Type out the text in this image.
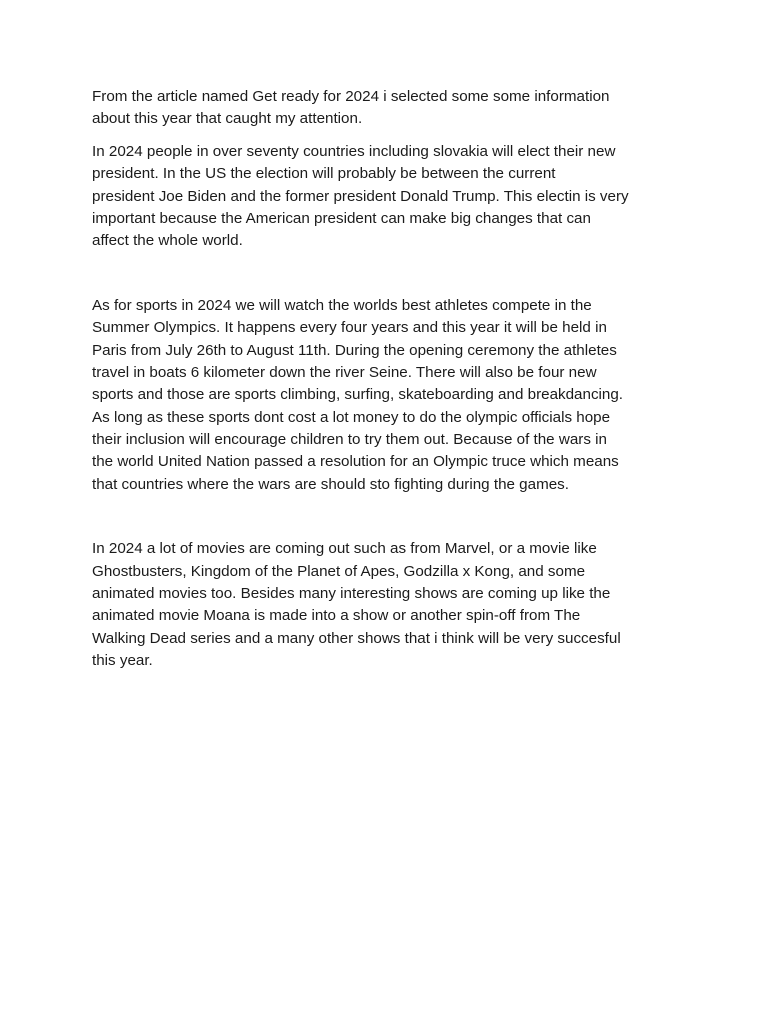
From the article named Get ready for 2024 i selected some some information
about this year that caught my attention.

In 2024 people in over seventy countries including slovakia will elect their new
president. In the US the election will probably be between the current
president Joe Biden and the former president Donald Trump. This electin is very
important because the American president can make big changes that can
affect the whole world.

As for sports in 2024 we will watch the worlds best athletes compete in the
Summer Olympics. It happens every four years and this year it will be held in
Paris from July 26th to August 11th. During the opening ceremony the athletes
travel in boats 6 kilometer down the river Seine. There will also be four new
sports and those are sports climbing, surfing, skateboarding and breakdancing.
As long as these sports dont cost a lot money to do the olympic officials hope
their inclusion will encourage children to try them out. Because of the wars in
the world United Nation passed a resolution for an Olympic truce which means
that countries where the wars are should sto fighting during the games.

In 2024 a lot of movies are coming out such as from Marvel, or a movie like
Ghostbusters, Kingdom of the Planet of Apes, Godzilla x Kong, and some
animated movies too. Besides many interesting shows are coming up like the
animated movie Moana is made into a show or another spin-off from The
Walking Dead series and a many other shows that i think will be very succesful
this year.
